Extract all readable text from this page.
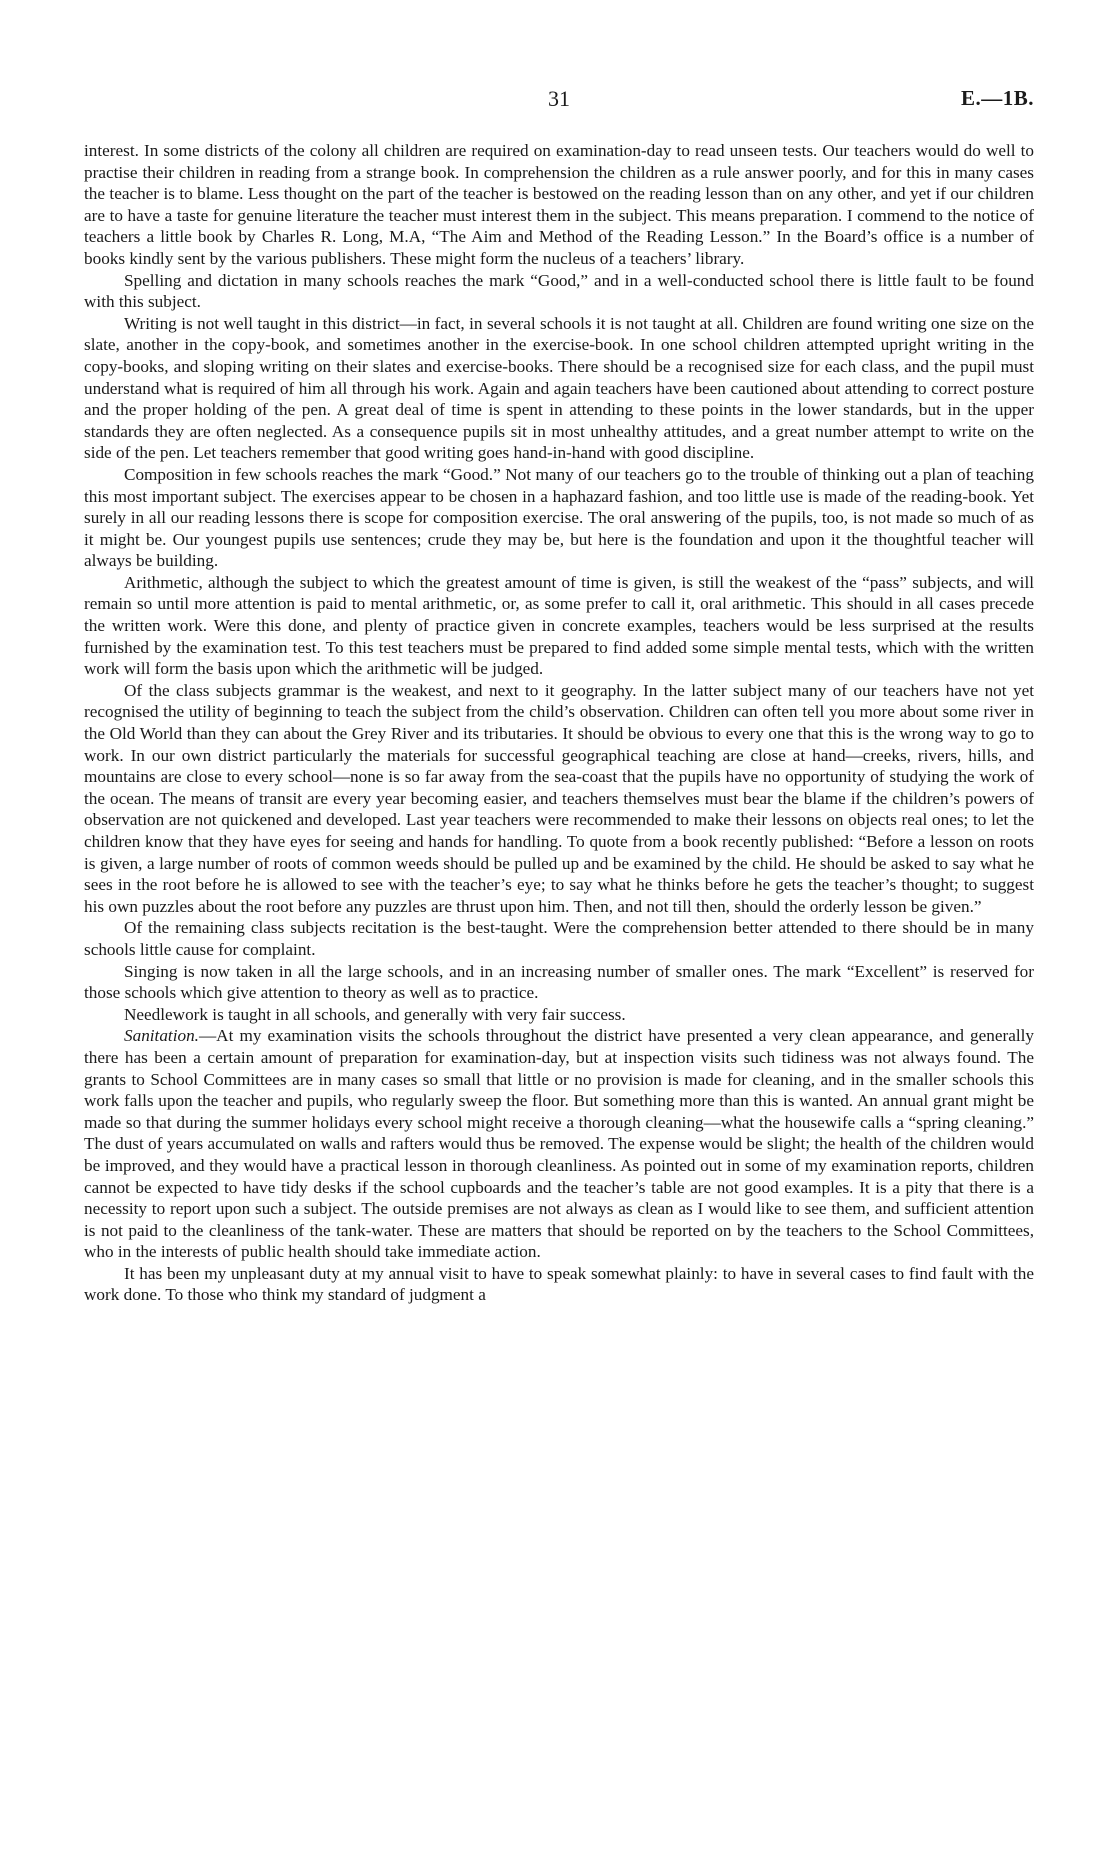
31	E.—1B.

interest. In some districts of the colony all children are required on examination-day to read unseen tests. Our teachers would do well to practise their children in reading from a strange book. In comprehension the children as a rule answer poorly, and for this in many cases the teacher is to blame. Less thought on the part of the teacher is bestowed on the reading lesson than on any other, and yet if our children are to have a taste for genuine literature the teacher must interest them in the subject. This means preparation. I commend to the notice of teachers a little book by Charles R. Long, M.A, “The Aim and Method of the Reading Lesson.” In the Board’s office is a number of books kindly sent by the various publishers. These might form the nucleus of a teachers’ library.

Spelling and dictation in many schools reaches the mark “Good,” and in a well-conducted school there is little fault to be found with this subject.

Writing is not well taught in this district—in fact, in several schools it is not taught at all. Children are found writing one size on the slate, another in the copy-book, and sometimes another in the exercise-book. In one school children attempted upright writing in the copy-books, and sloping writing on their slates and exercise-books. There should be a recognised size for each class, and the pupil must understand what is required of him all through his work. Again and again teachers have been cautioned about attending to correct posture and the proper holding of the pen. A great deal of time is spent in attending to these points in the lower standards, but in the upper standards they are often neglected. As a consequence pupils sit in most unhealthy attitudes, and a great number attempt to write on the side of the pen. Let teachers remember that good writing goes hand-in-hand with good discipline.

Composition in few schools reaches the mark “Good.” Not many of our teachers go to the trouble of thinking out a plan of teaching this most important subject. The exercises appear to be chosen in a haphazard fashion, and too little use is made of the reading-book. Yet surely in all our reading lessons there is scope for composition exercise. The oral answering of the pupils, too, is not made so much of as it might be. Our youngest pupils use sentences; crude they may be, but here is the foundation and upon it the thoughtful teacher will always be building.

Arithmetic, although the subject to which the greatest amount of time is given, is still the weakest of the “pass” subjects, and will remain so until more attention is paid to mental arithmetic, or, as some prefer to call it, oral arithmetic. This should in all cases precede the written work. Were this done, and plenty of practice given in concrete examples, teachers would be less surprised at the results furnished by the examination test. To this test teachers must be prepared to find added some simple mental tests, which with the written work will form the basis upon which the arithmetic will be judged.

Of the class subjects grammar is the weakest, and next to it geography. In the latter subject many of our teachers have not yet recognised the utility of beginning to teach the subject from the child’s observation. Children can often tell you more about some river in the Old World than they can about the Grey River and its tributaries. It should be obvious to every one that this is the wrong way to go to work. In our own district particularly the materials for successful geographical teaching are close at hand—creeks, rivers, hills, and mountains are close to every school—none is so far away from the sea-coast that the pupils have no opportunity of studying the work of the ocean. The means of transit are every year becoming easier, and teachers themselves must bear the blame if the children’s powers of observation are not quickened and developed. Last year teachers were recommended to make their lessons on objects real ones; to let the children know that they have eyes for seeing and hands for handling. To quote from a book recently published: “Before a lesson on roots is given, a large number of roots of common weeds should be pulled up and be examined by the child. He should be asked to say what he sees in the root before he is allowed to see with the teacher’s eye; to say what he thinks before he gets the teacher’s thought; to suggest his own puzzles about the root before any puzzles are thrust upon him. Then, and not till then, should the orderly lesson be given.”

Of the remaining class subjects recitation is the best-taught. Were the comprehension better attended to there should be in many schools little cause for complaint.

Singing is now taken in all the large schools, and in an increasing number of smaller ones. The mark “Excellent” is reserved for those schools which give attention to theory as well as to practice.

Needlework is taught in all schools, and generally with very fair success.

Sanitation.—At my examination visits the schools throughout the district have presented a very clean appearance, and generally there has been a certain amount of preparation for examination-day, but at inspection visits such tidiness was not always found. The grants to School Committees are in many cases so small that little or no provision is made for cleaning, and in the smaller schools this work falls upon the teacher and pupils, who regularly sweep the floor. But something more than this is wanted. An annual grant might be made so that during the summer holidays every school might receive a thorough cleaning—what the housewife calls a “spring cleaning.” The dust of years accumulated on walls and rafters would thus be removed. The expense would be slight; the health of the children would be improved, and they would have a practical lesson in thorough cleanliness. As pointed out in some of my examination reports, children cannot be expected to have tidy desks if the school cupboards and the teacher’s table are not good examples. It is a pity that there is a necessity to report upon such a subject. The outside premises are not always as clean as I would like to see them, and sufficient attention is not paid to the cleanliness of the tank-water. These are matters that should be reported on by the teachers to the School Committees, who in the interests of public health should take immediate action.

It has been my unpleasant duty at my annual visit to have to speak somewhat plainly: to have in several cases to find fault with the work done. To those who think my standard of judgment a
